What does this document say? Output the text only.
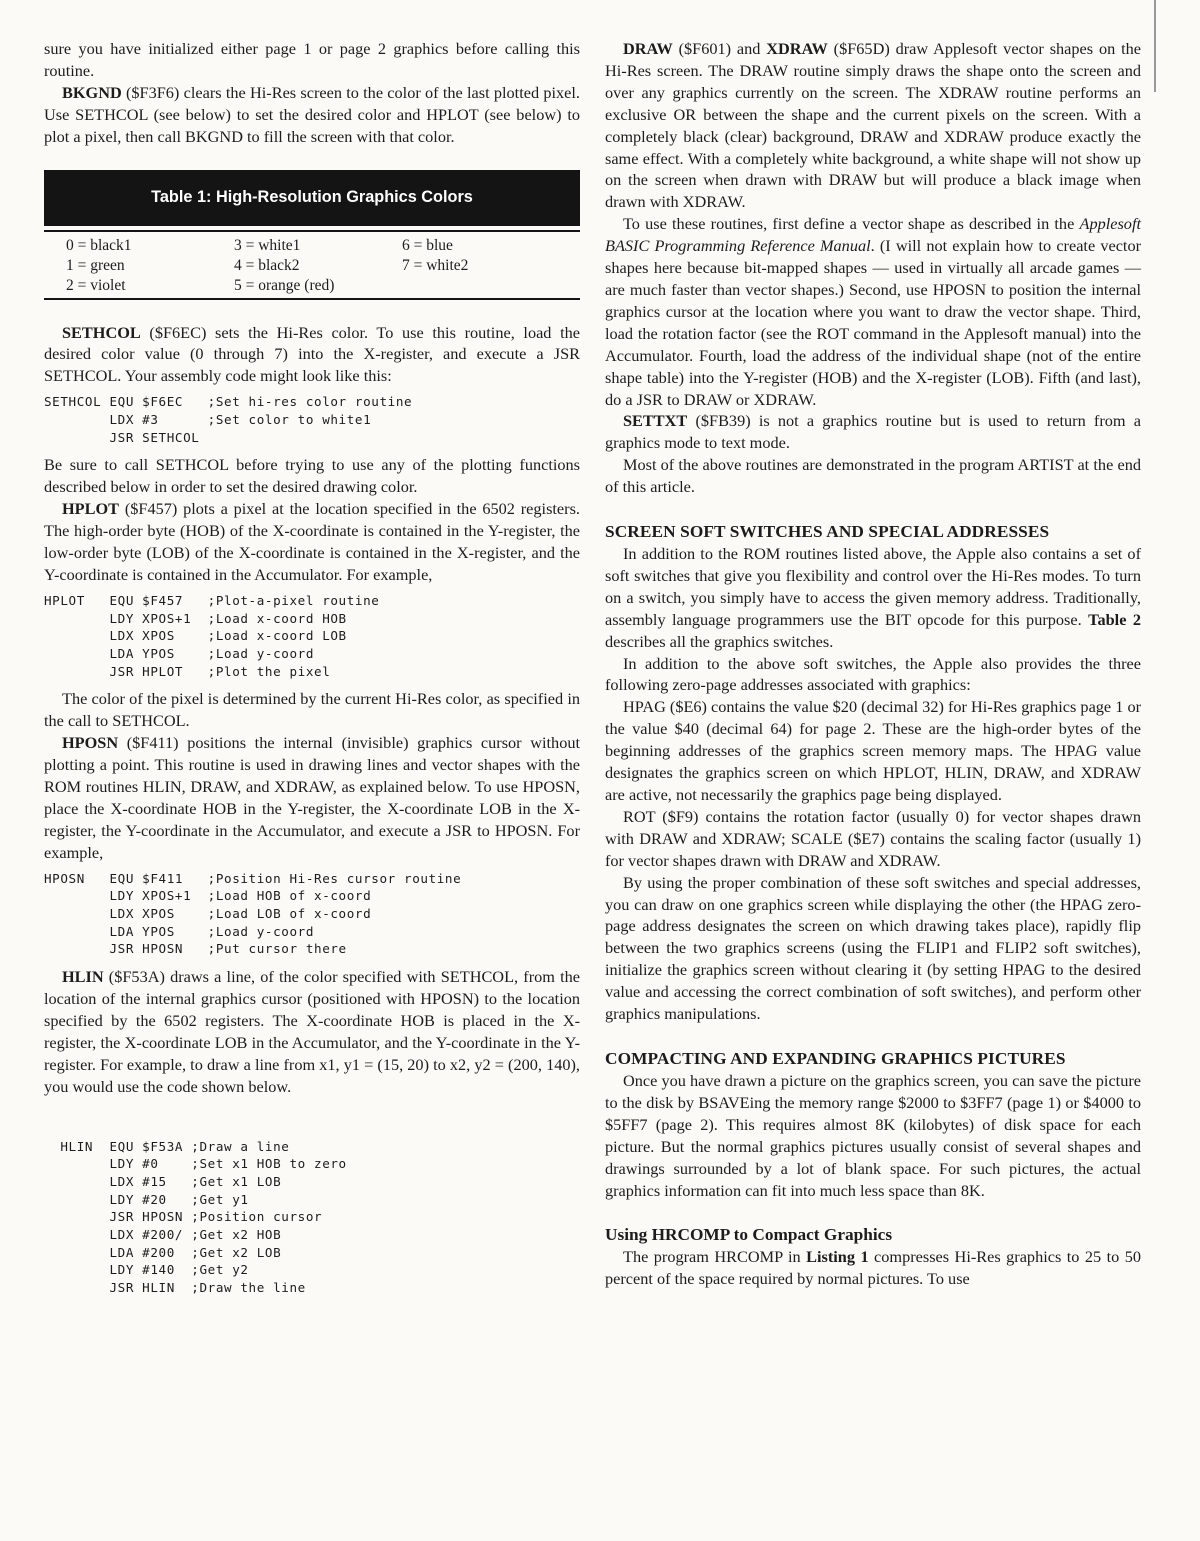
sure you have initialized either page 1 or page 2 graphics before calling this routine.

BKGND ($F3F6) clears the Hi-Res screen to the color of the last plotted pixel. Use SETHCOL (see below) to set the desired color and HPLOT (see below) to plot a pixel, then call BKGND to fill the screen with that color.

Table 1: High-Resolution Graphics Colors
0 = black1	3 = white1	6 = blue
1 = green	4 = black2	7 = white2
2 = violet	5 = orange (red)

SETHCOL ($F6EC) sets the Hi-Res color. To use this routine, load the desired color value (0 through 7) into the X-register, and execute a JSR SETHCOL. Your assembly code might look like this:

SETHCOL EQU $F6EC   ;Set hi-res color routine
LDX #3      ;Set color to white1
JSR SETHCOL

Be sure to call SETHCOL before trying to use any of the plotting functions described below in order to set the desired drawing color.

HPLOT ($F457) plots a pixel at the location specified in the 6502 registers. The high-order byte (HOB) of the X-coordinate is contained in the Y-register, the low-order byte (LOB) of the X-coordinate is contained in the X-register, and the Y-coordinate is contained in the Accumulator. For example,

HPLOT   EQU $F457   ;Plot-a-pixel routine
LDY XPOS+1  ;Load x-coord HOB
LDX XPOS    ;Load x-coord LOB
LDA YPOS    ;Load y-coord
JSR HPLOT   ;Plot the pixel

The color of the pixel is determined by the current Hi-Res color, as specified in the call to SETHCOL.

HPOSN ($F411) positions the internal (invisible) graphics cursor without plotting a point. This routine is used in drawing lines and vector shapes with the ROM routines HLIN, DRAW, and XDRAW, as explained below. To use HPOSN, place the X-coordinate HOB in the Y-register, the X-coordinate LOB in the X-register, the Y-coordinate in the Accumulator, and execute a JSR to HPOSN. For example,

HPOSN   EQU $F411   ;Position Hi-Res cursor routine
LDY XPOS+1  ;Load HOB of x-coord
LDX XPOS    ;Load LOB of x-coord
LDA YPOS    ;Load y-coord
JSR HPOSN   ;Put cursor there

HLIN ($F53A) draws a line, of the color specified with SETHCOL, from the location of the internal graphics cursor (positioned with HPOSN) to the location specified by the 6502 registers. The X-coordinate HOB is placed in the X-register, the X-coordinate LOB in the Accumulator, and the Y-coordinate in the Y-register. For example, to draw a line from x1, y1 = (15, 20) to x2, y2 = (200, 140), you would use the code shown below.

HLIN  EQU $F53A ;Draw a line
LDY #0    ;Set x1 HOB to zero
LDX #15   ;Get x1 LOB
LDY #20   ;Get y1
JSR HPOSN ;Position cursor
LDX #200/ ;Get x2 HOB
LDA #200  ;Get x2 LOB
LDY #140  ;Get y2
JSR HLIN  ;Draw the line

DRAW ($F601) and XDRAW ($F65D) draw Applesoft vector shapes on the Hi-Res screen. The DRAW routine simply draws the shape onto the screen and over any graphics currently on the screen. The XDRAW routine performs an exclusive OR between the shape and the current pixels on the screen. With a completely black (clear) background, DRAW and XDRAW produce exactly the same effect. With a completely white background, a white shape will not show up on the screen when drawn with DRAW but will produce a black image when drawn with XDRAW.

To use these routines, first define a vector shape as described in the Applesoft BASIC Programming Reference Manual. (I will not explain how to create vector shapes here because bit-mapped shapes — used in virtually all arcade games — are much faster than vector shapes.) Second, use HPOSN to position the internal graphics cursor at the location where you want to draw the vector shape. Third, load the rotation factor (see the ROT command in the Applesoft manual) into the Accumulator. Fourth, load the address of the individual shape (not of the entire shape table) into the Y-register (HOB) and the X-register (LOB). Fifth (and last), do a JSR to DRAW or XDRAW.

SETTXT ($FB39) is not a graphics routine but is used to return from a graphics mode to text mode.

Most of the above routines are demonstrated in the program ARTIST at the end of this article.

SCREEN SOFT SWITCHES AND SPECIAL ADDRESSES

In addition to the ROM routines listed above, the Apple also contains a set of soft switches that give you flexibility and control over the Hi-Res modes. To turn on a switch, you simply have to access the given memory address. Traditionally, assembly language programmers use the BIT opcode for this purpose. Table 2 describes all the graphics switches.

In addition to the above soft switches, the Apple also provides the three following zero-page addresses associated with graphics:

HPAG ($E6) contains the value $20 (decimal 32) for Hi-Res graphics page 1 or the value $40 (decimal 64) for page 2. These are the high-order bytes of the beginning addresses of the graphics screen memory maps. The HPAG value designates the graphics screen on which HPLOT, HLIN, DRAW, and XDRAW are active, not necessarily the graphics page being displayed.

ROT ($F9) contains the rotation factor (usually 0) for vector shapes drawn with DRAW and XDRAW; SCALE ($E7) contains the scaling factor (usually 1) for vector shapes drawn with DRAW and XDRAW.

By using the proper combination of these soft switches and special addresses, you can draw on one graphics screen while displaying the other (the HPAG zero-page address designates the screen on which drawing takes place), rapidly flip between the two graphics screens (using the FLIP1 and FLIP2 soft switches), initialize the graphics screen without clearing it (by setting HPAG to the desired value and accessing the correct combination of soft switches), and perform other graphics manipulations.

COMPACTING AND EXPANDING GRAPHICS PICTURES

Once you have drawn a picture on the graphics screen, you can save the picture to the disk by BSAVEing the memory range $2000 to $3FF7 (page 1) or $4000 to $5FF7 (page 2). This requires almost 8K (kilobytes) of disk space for each picture. But the normal graphics pictures usually consist of several shapes and drawings surrounded by a lot of blank space. For such pictures, the actual graphics information can fit into much less space than 8K.

Using HRCOMP to Compact Graphics

The program HRCOMP in Listing 1 compresses Hi-Res graphics to 25 to 50 percent of the space required by normal pictures. To use
